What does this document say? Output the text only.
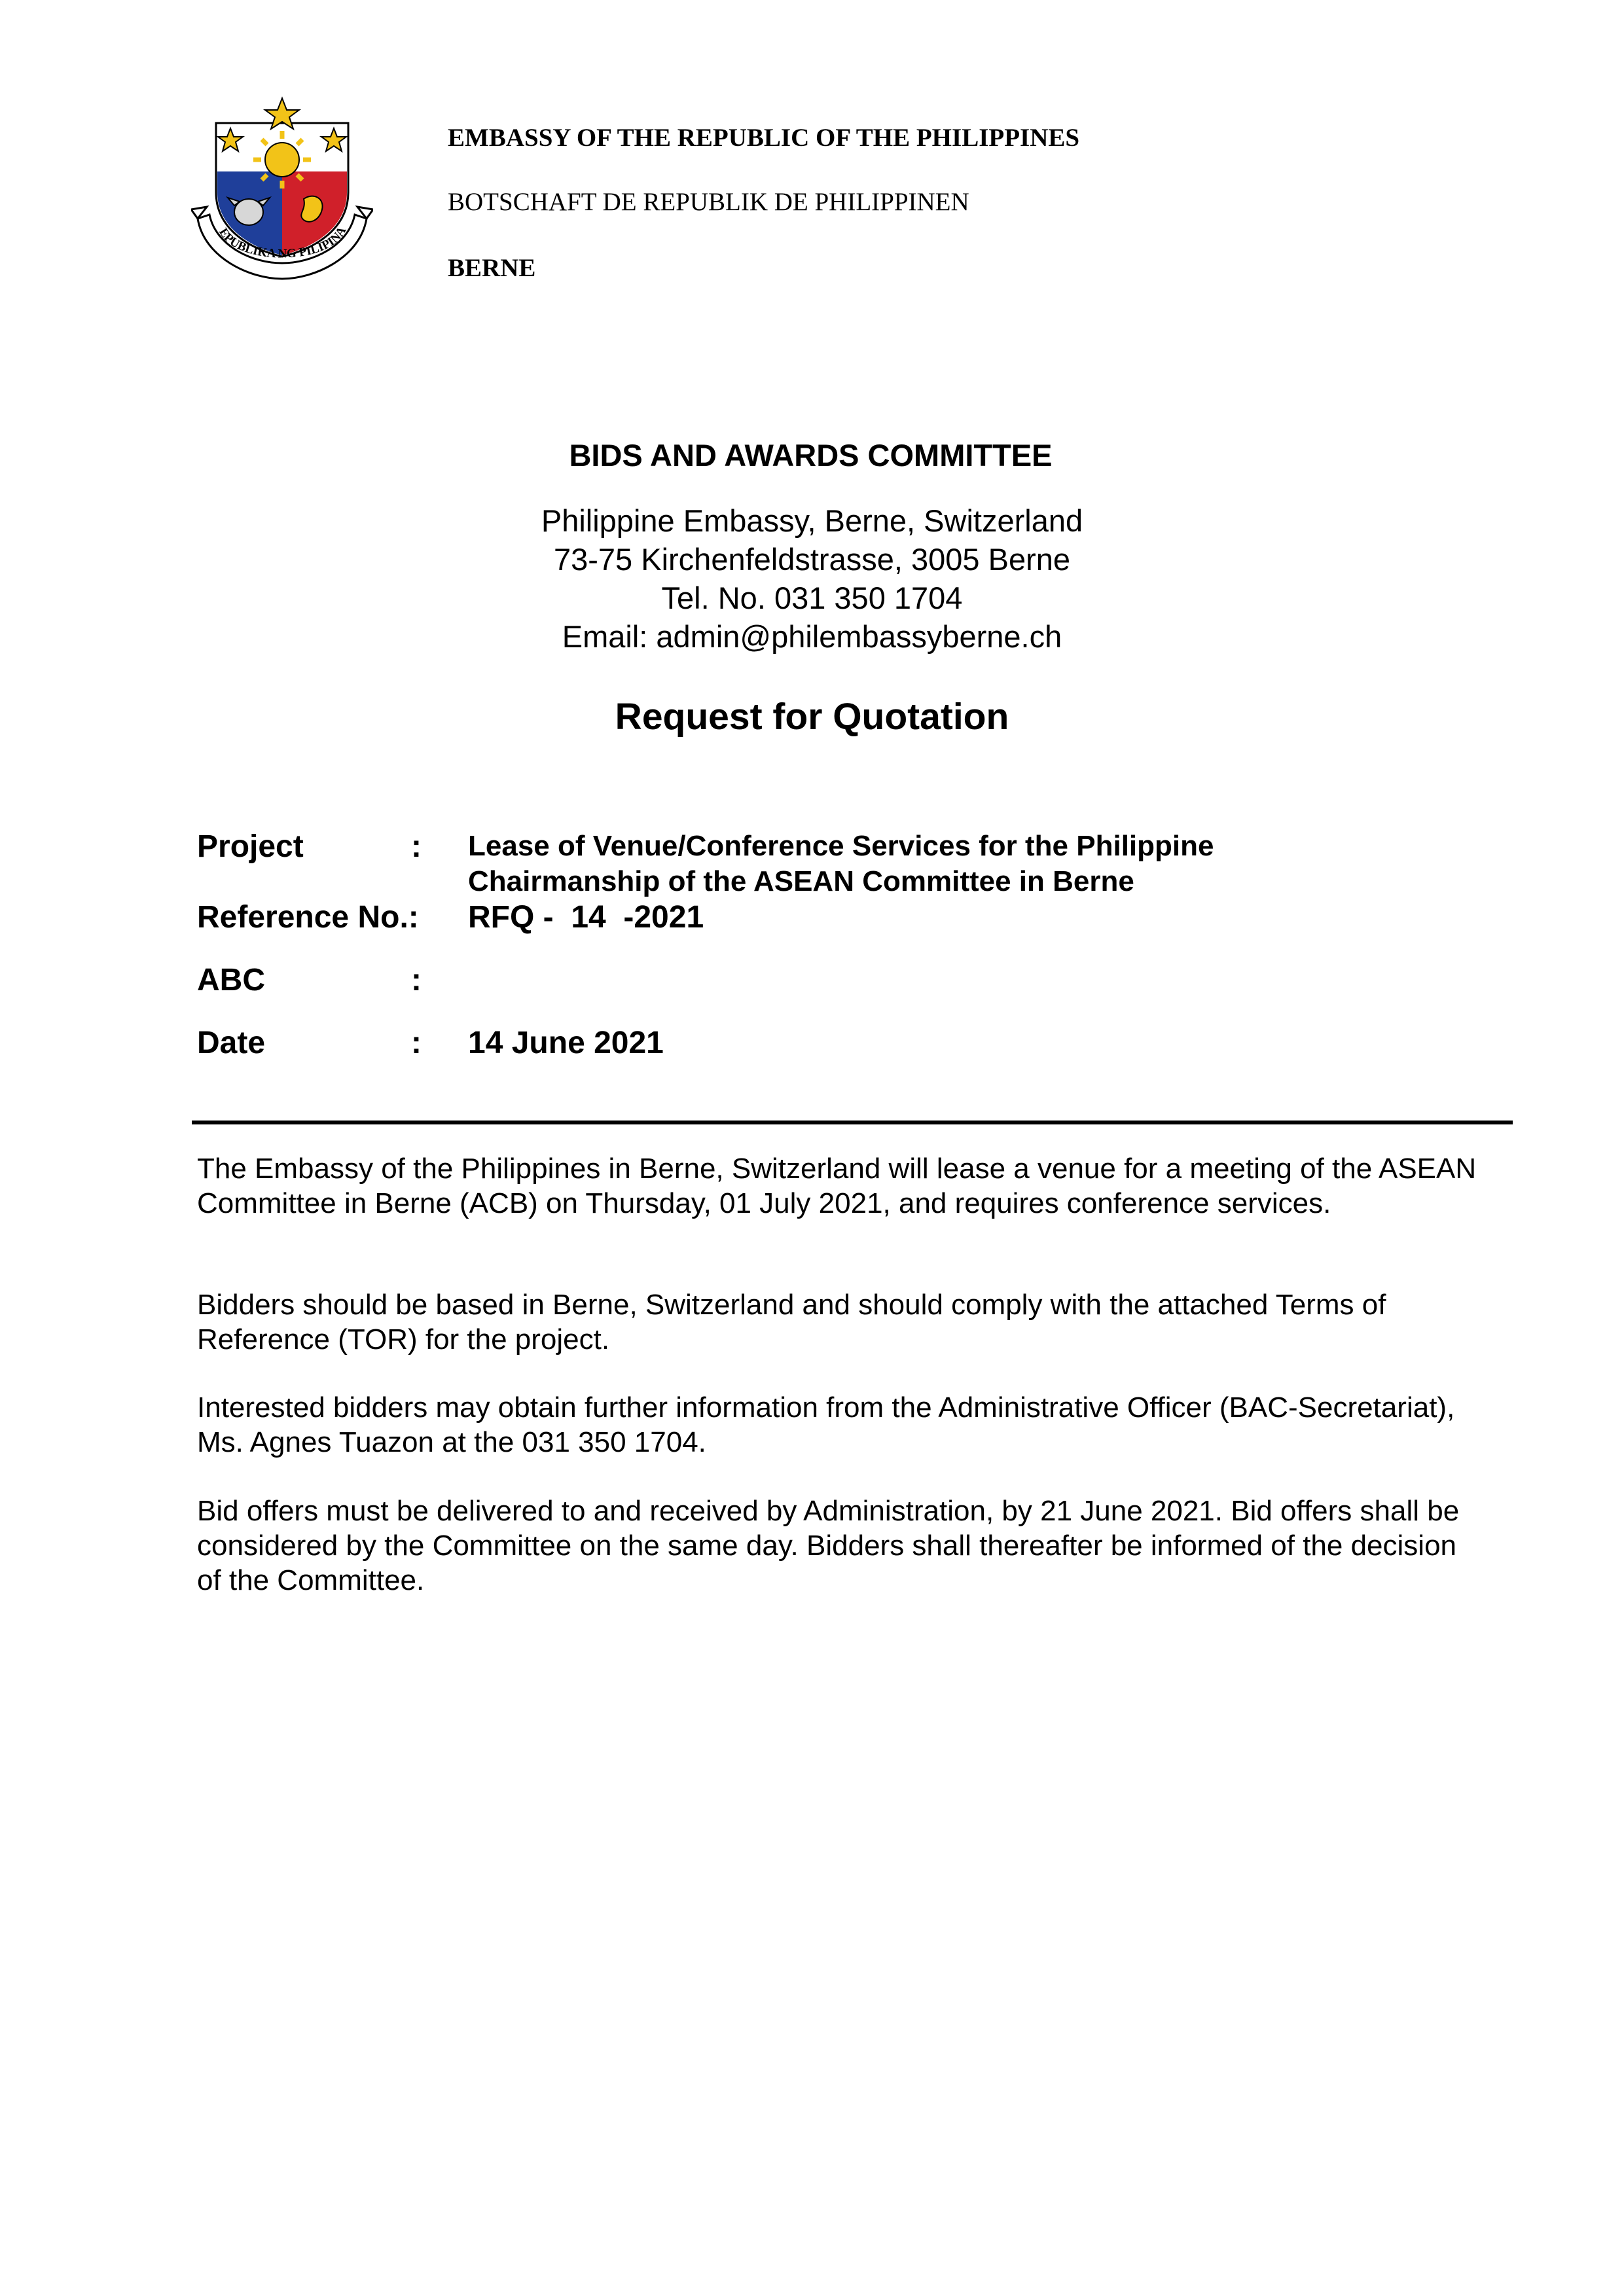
EPUBLIKA NG PILIPINA
EMBASSY OF THE REPUBLIC OF THE PHILIPPINES
BOTSCHAFT DE REPUBLIK DE PHILIPPINEN
BERNE
BIDS AND AWARDS COMMITTEE
Philippine Embassy, Berne, Switzerland
73-75 Kirchenfeldstrasse, 3005 Berne
Tel. No. 031 350 1704
Email: admin@philembassyberne.ch
Request for Quotation
Project	: Lease of Venue/Conference Services for the Philippine
Chairmanship of the ASEAN Committee in Berne
Reference No.: RFQ -  14  -2021
ABC	:
Date	: 14 June 2021

The Embassy of the Philippines in Berne, Switzerland will lease a venue for a meeting of the ASEAN Committee in Berne (ACB) on Thursday, 01 July 2021, and requires conference services.

Bidders should be based in Berne, Switzerland and should comply with the attached Terms of Reference (TOR) for the project.

Interested bidders may obtain further information from the Administrative Officer (BAC-Secretariat), Ms. Agnes Tuazon at the 031 350 1704.

Bid offers must be delivered to and received by Administration, by 21 June 2021. Bid offers shall be considered by the Committee on the same day. Bidders shall thereafter be informed of the decision of the Committee.
